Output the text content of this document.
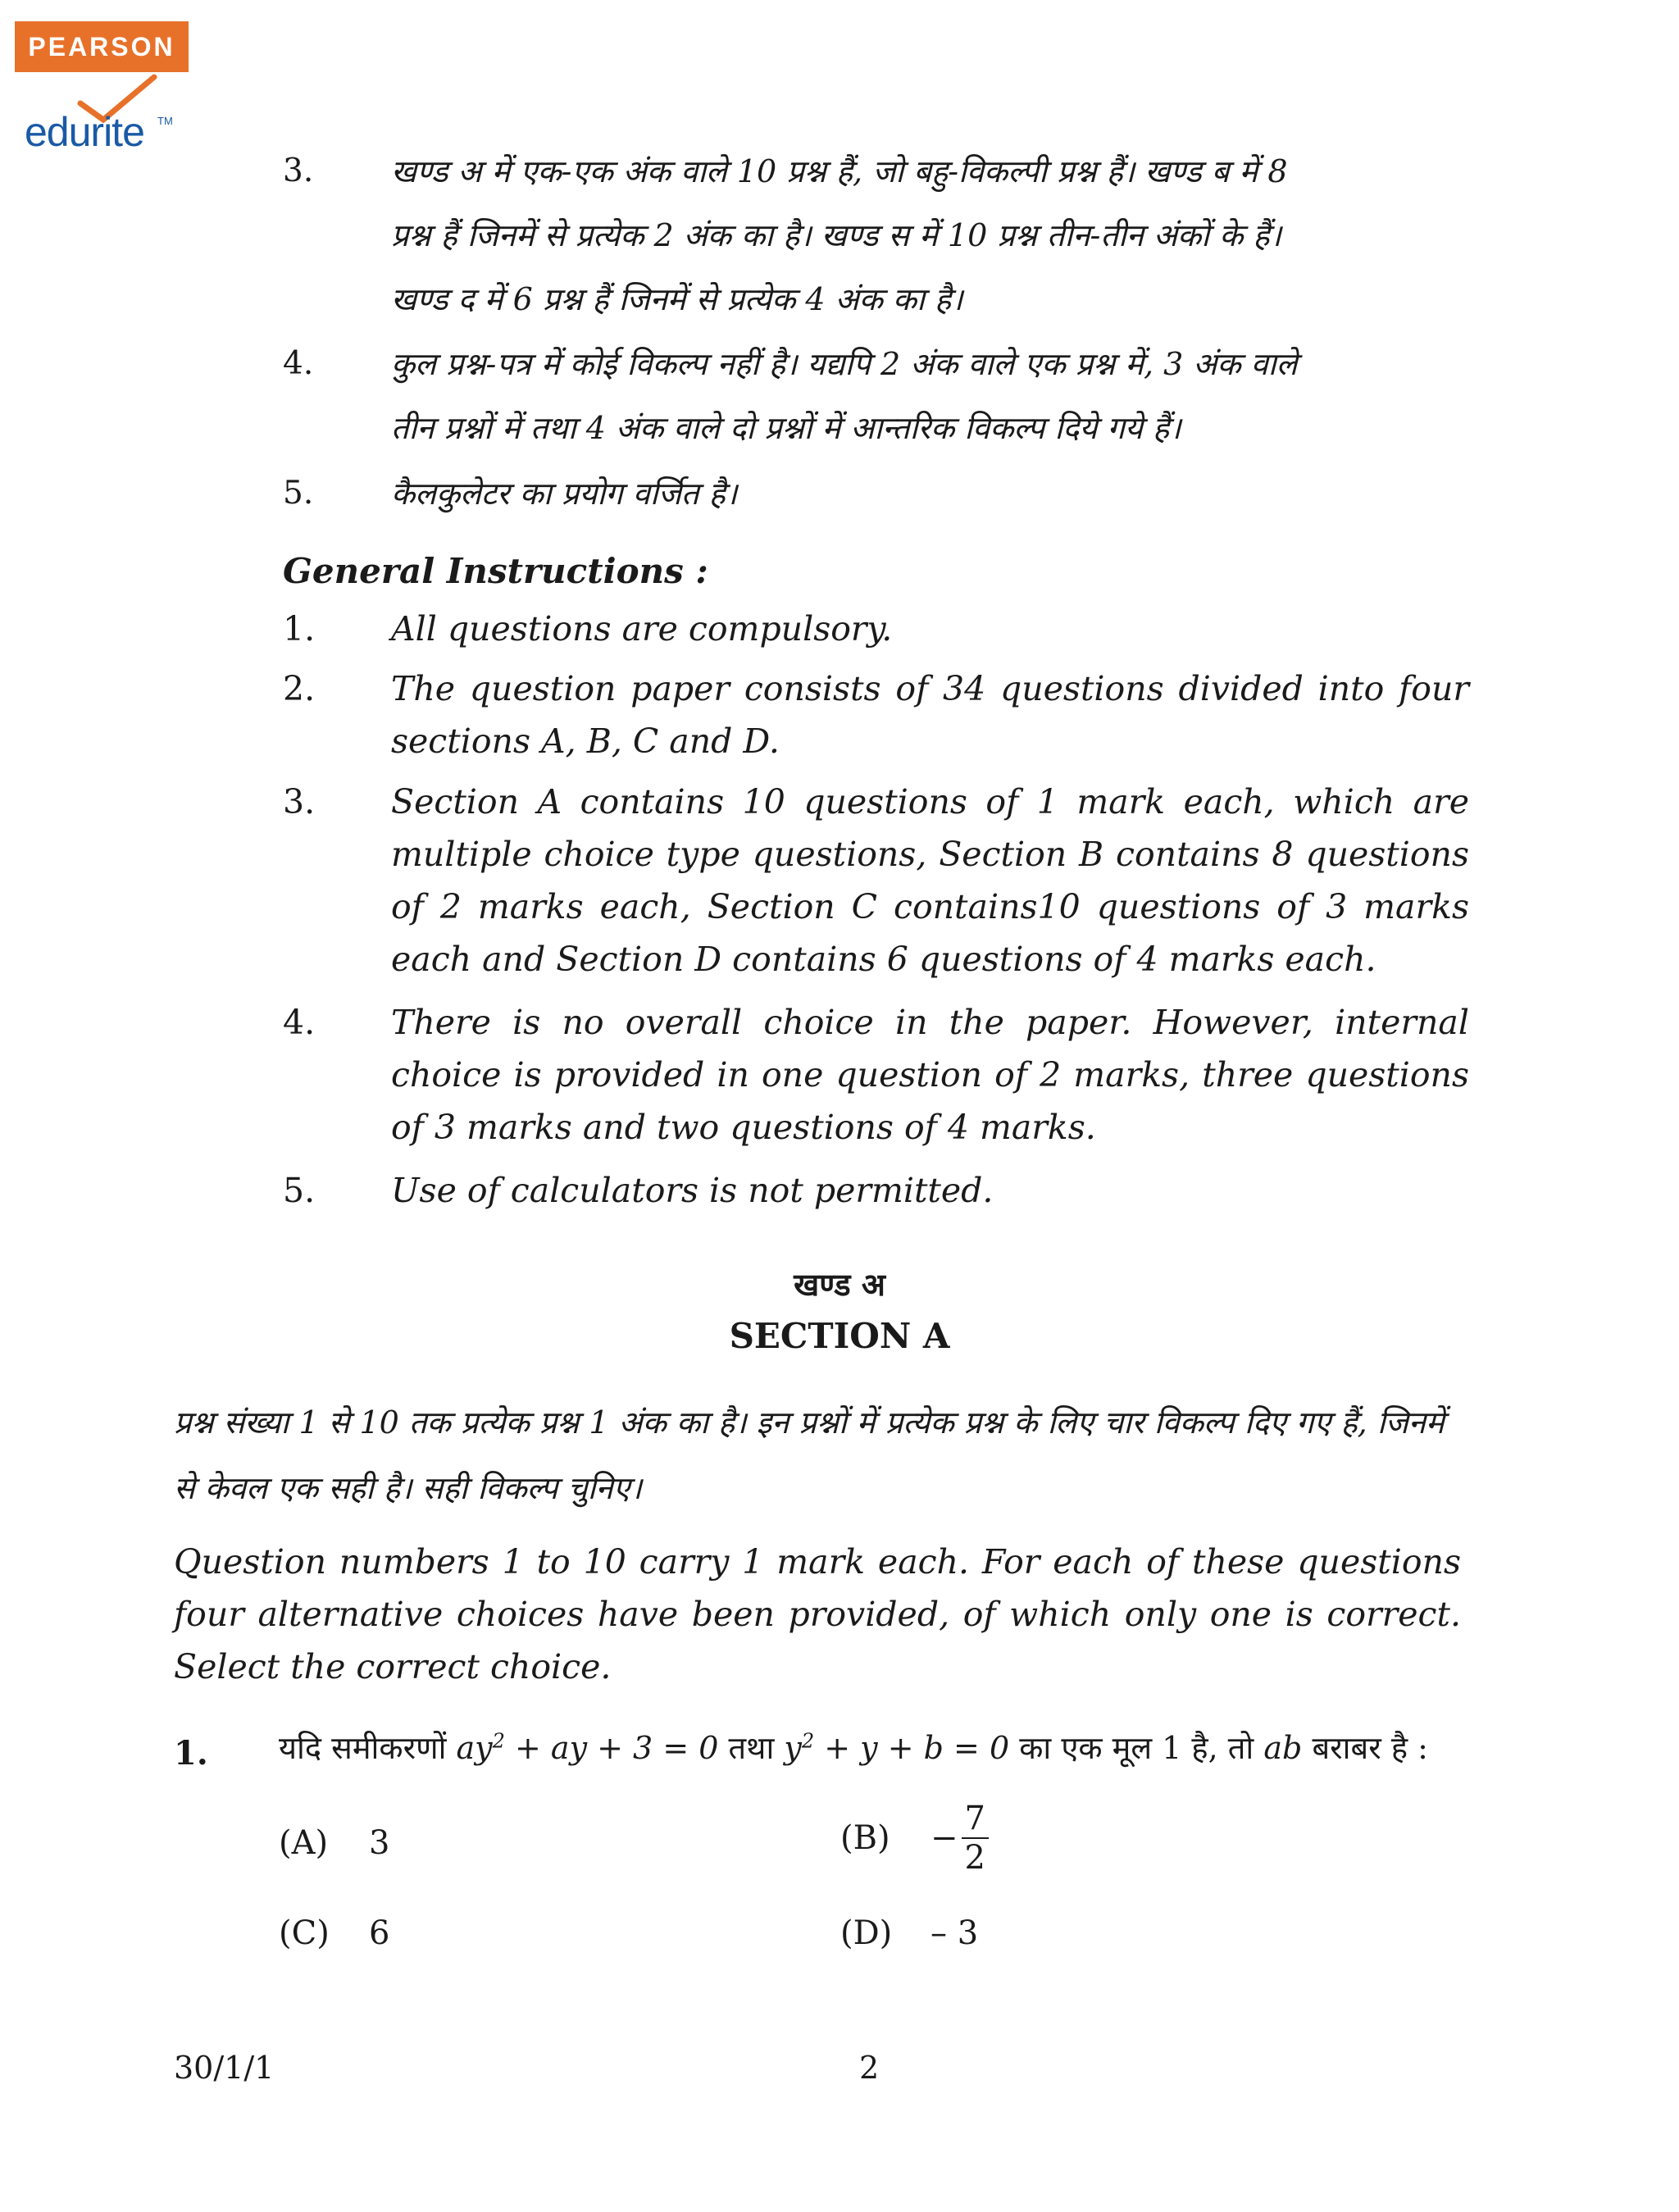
PEARSON
edurite TM
3. खण्ड अ में एक-एक अंक वाले 10 प्रश्न हैं, जो बहु-विकल्पी प्रश्न हैं। खण्ड ब में 8

प्रश्न हैं जिनमें से प्रत्येक 2 अंक का है। खण्ड स में 10 प्रश्न तीन-तीन अंकों के हैं।

खण्ड द में 6 प्रश्न हैं जिनमें से प्रत्येक 4 अंक का है।

4. कुल प्रश्न-पत्र में कोई विकल्प नहीं है। यद्यपि 2 अंक वाले एक प्रश्न में, 3 अंक वाले

तीन प्रश्नों में तथा 4 अंक वाले दो प्रश्नों में आन्तरिक विकल्प दिये गये हैं।

5. कैलकुलेटर का प्रयोग वर्जित है।

General Instructions :
1. All questions are compulsory.

2. The question paper consists of 34 questions divided into four sections A, B, C and D.

3. Section A contains 10 questions of 1 mark each, which are multiple choice type questions, Section B contains 8 questions of 2 marks each, Section C contains10 questions of 3 marks each and Section D contains 6 questions of 4 marks each.

4. There is no overall choice in the paper. However, internal choice is provided in one question of 2 marks, three questions of 3 marks and two questions of 4 marks.

5. Use of calculators is not permitted.

खण्ड अ
SECTION A
प्रश्न संख्या 1 से 10 तक प्रत्येक प्रश्न 1 अंक का है। इन प्रश्नों में प्रत्येक प्रश्न के लिए चार विकल्प दिए गए हैं, जिनमें से केवल एक सही है। सही विकल्प चुनिए।
Question numbers 1 to 10 carry 1 mark each. For each of these questions four alternative choices have been provided, of which only one is correct. Select the correct choice.
1. यदि समीकरणों $ay^2$ + ay + 3 = 0 तथा $y^2 + y + b = 0$ का एक मूल 1 है, तो ab बराबर है :
(A) 3	$(B) - \frac{7}{2}$
(C) 6	(D) – 3
30/1/1	2
